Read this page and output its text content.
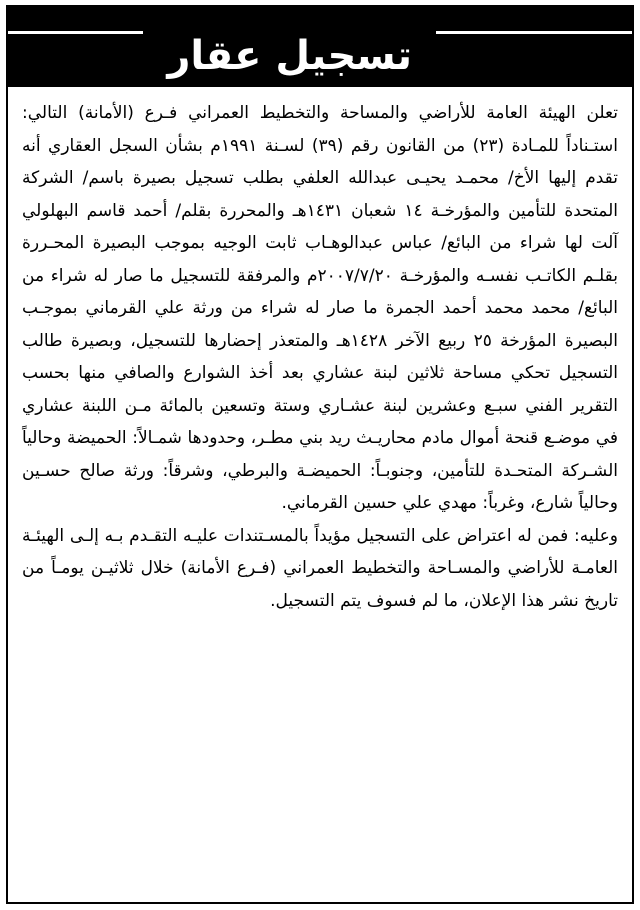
تسجيل عقار

تعلن الهيئة العامة للأراضي والمساحة والتخطيط العمراني فـرع (الأمانة) التالي: استـناداً للمـادة (٢٣) من القانون رقم (٣٩) لسـنة ١٩٩١م بشأن السجل العقاري أنه تقدم إليها الأخ/ محمـد يحيـى عبدالله العلفي بطلب تسجيل بصيرة باسم/ الشركة المتحدة للتأمين والمؤرخـة ١٤ شعبان ١٤٣١هـ والمحررة بقلم/ أحمد قاسم البهلولي آلت لها شراء من البائع/ عباس عبدالوهـاب ثابت الوجيه بموجب البصيرة المحـررة بقلـم الكاتـب نفسـه والمؤرخـة ٢٠٠٧/٧/٢٠م والمرفقة للتسجيل ما صار له شراء من البائع/ محمد محمد أحمد الجمرة ما صار له شراء من ورثة علي القرماني بموجـب البصيرة المؤرخة ٢٥ ربيع الآخر ١٤٢٨هـ والمتعذر إحضارها للتسجيل، وبصيرة طالب التسجيل تحكي مساحة ثلاثين لبنة عشاري بعد أخذ الشوارع والصافي منها بحسب التقرير الفني سبـع وعشرين لبنة عشـاري وستة وتسعين بالمائة مـن اللبنة عشاري في موضـع قنحة أموال مادم محاريـث ريد بني مطـر، وحدودها شمـالاً: الحميضة وحالياً الشـركة المتحـدة للتأمين، وجنوبـاً: الحميضـة والبرطي، وشرقاً: ورثة صالح حسـين وحالياً شارع، وغرباً: مهدي علي حسين القرماني.

وعليه: فمن له اعتراض على التسجيل مؤيداً بالمسـتندات عليـه التقـدم بـه إلـى الهيئـة العامـة للأراضي والمسـاحة والتخطيط العمراني (فـرع الأمانة) خلال ثلاثيـن يومـاً من تاريخ نشر هذا الإعلان، ما لم فسوف يتم التسجيل.
